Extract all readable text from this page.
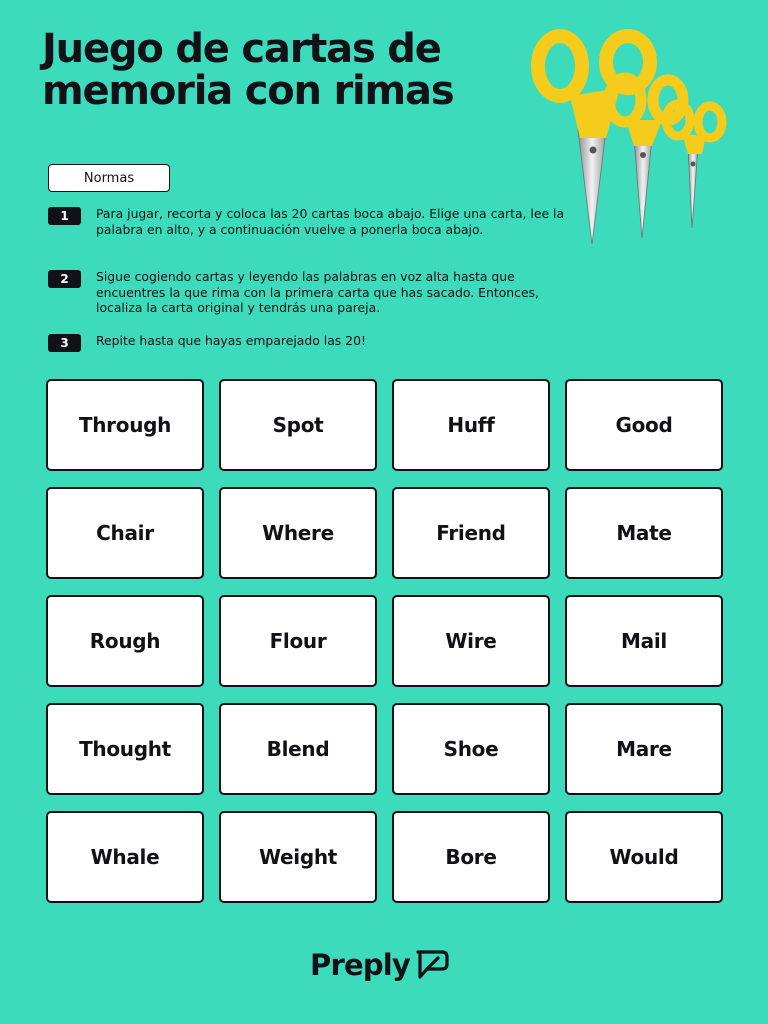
Juego de cartas de memoria con rimas
Normas
1	Para jugar, recorta y coloca las 20 cartas boca abajo. Elige una carta, lee la palabra en alto, y a continuación vuelve a ponerla boca abajo.
2	Sigue cogiendo cartas y leyendo las palabras en voz alta hasta que encuentres la que rima con la primera carta que has sacado. Entonces, localiza la carta original y tendrás una pareja.
3	Repite hasta que hayas emparejado las 20!
Through	Spot	Huff	Good
Chair	Where	Friend	Mate
Rough	Flour	Wire	Mail
Thought	Blend	Shoe	Mare
Whale	Weight	Bore	Would
Preply
